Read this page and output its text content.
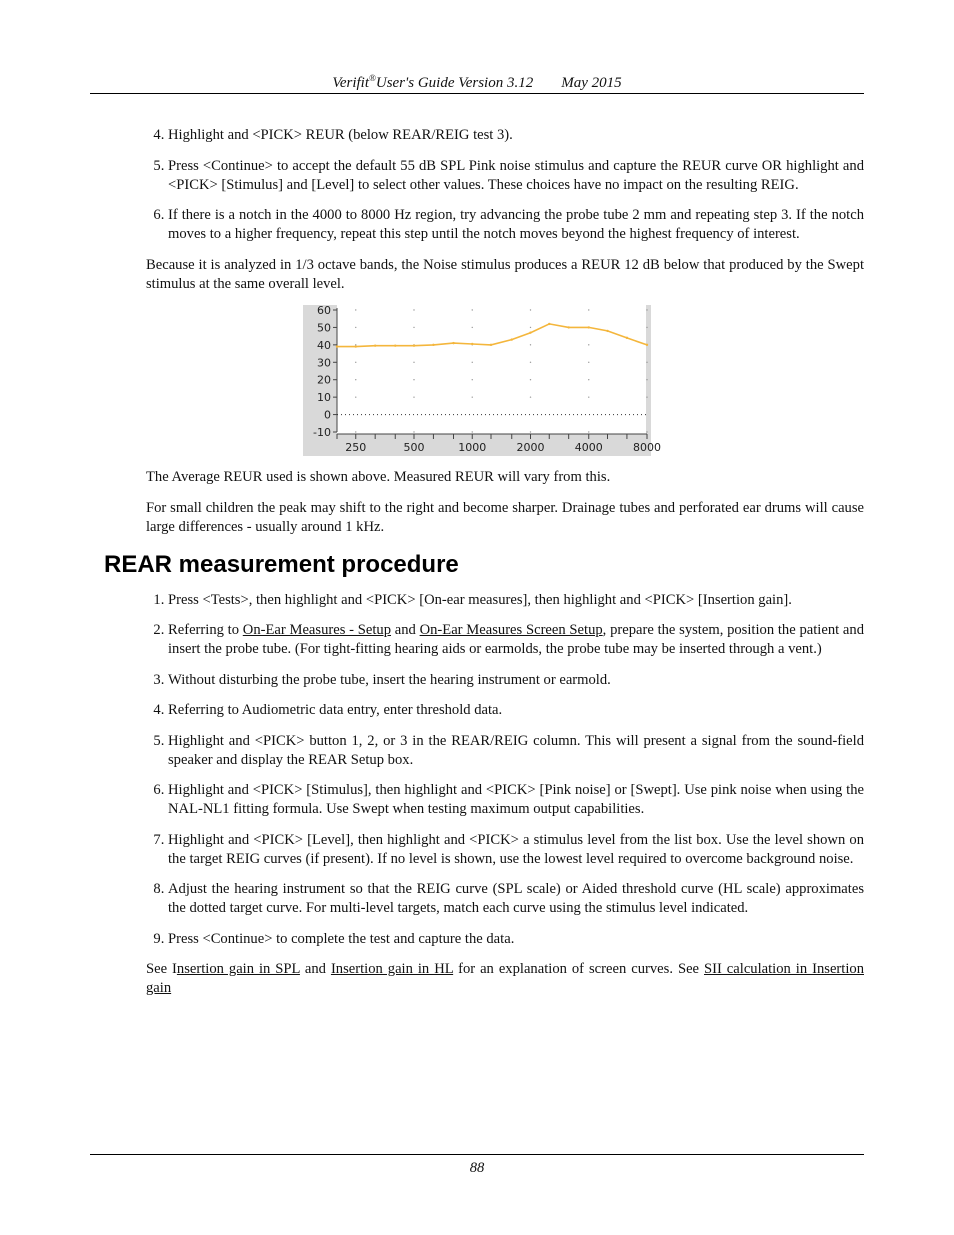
Verifit®User's Guide Version 3.12 May 2015
4. Highlight and <PICK> REUR (below REAR/REIG test 3).
5. Press <Continue> to accept the default 55 dB SPL Pink noise stimulus and capture the REUR curve OR highlight and <PICK> [Stimulus] and [Level] to select other values. These choices have no impact on the resulting REIG.
6. If there is a notch in the 4000 to 8000 Hz region, try advancing the probe tube 2 mm and repeating step 3. If the notch moves to a higher frequency, repeat this step until the notch moves beyond the highest frequency of interest.

Because it is analyzed in 1/3 octave bands, the Noise stimulus produces a REUR 12 dB below that produced by the Swept stimulus at the same overall level.

60
50
40
30
20
10
0
-10
250	500	1000	2000	4000	8000

The Average REUR used is shown above. Measured REUR will vary from this.

For small children the peak may shift to the right and become sharper. Drainage tubes and perforated ear drums will cause large differences - usually around 1 kHz.

REAR measurement procedure
1. Press <Tests>, then highlight and <PICK> [On-ear measures], then highlight and <PICK> [Insertion gain].
2. Referring to On-Ear Measures - Setup and On-Ear Measures Screen Setup, prepare the system, position the patient and insert the probe tube. (For tight-fitting hearing aids or earmolds, the probe tube may be inserted through a vent.)
3. Without disturbing the probe tube, insert the hearing instrument or earmold.
4. Referring to Audiometric data entry, enter threshold data.
5. Highlight and <PICK> button 1, 2, or 3 in the REAR/REIG column. This will present a signal from the sound-field speaker and display the REAR Setup box.
6. Highlight and <PICK> [Stimulus], then highlight and <PICK> [Pink noise] or [Swept]. Use pink noise when using the NAL-NL1 fitting formula. Use Swept when testing maximum output capabilities.
7. Highlight and <PICK> [Level], then highlight and <PICK> a stimulus level from the list box. Use the level shown on the target REIG curves (if present). If no level is shown, use the lowest level required to overcome background noise.
8. Adjust the hearing instrument so that the REIG curve (SPL scale) or Aided threshold curve (HL scale) approximates the dotted target curve. For multi-level targets, match each curve using the stimulus level indicated.
9. Press <Continue> to complete the test and capture the data.

See Insertion gain in SPL and Insertion gain in HL for an explanation of screen curves. See SII calculation in Insertion gain

88
